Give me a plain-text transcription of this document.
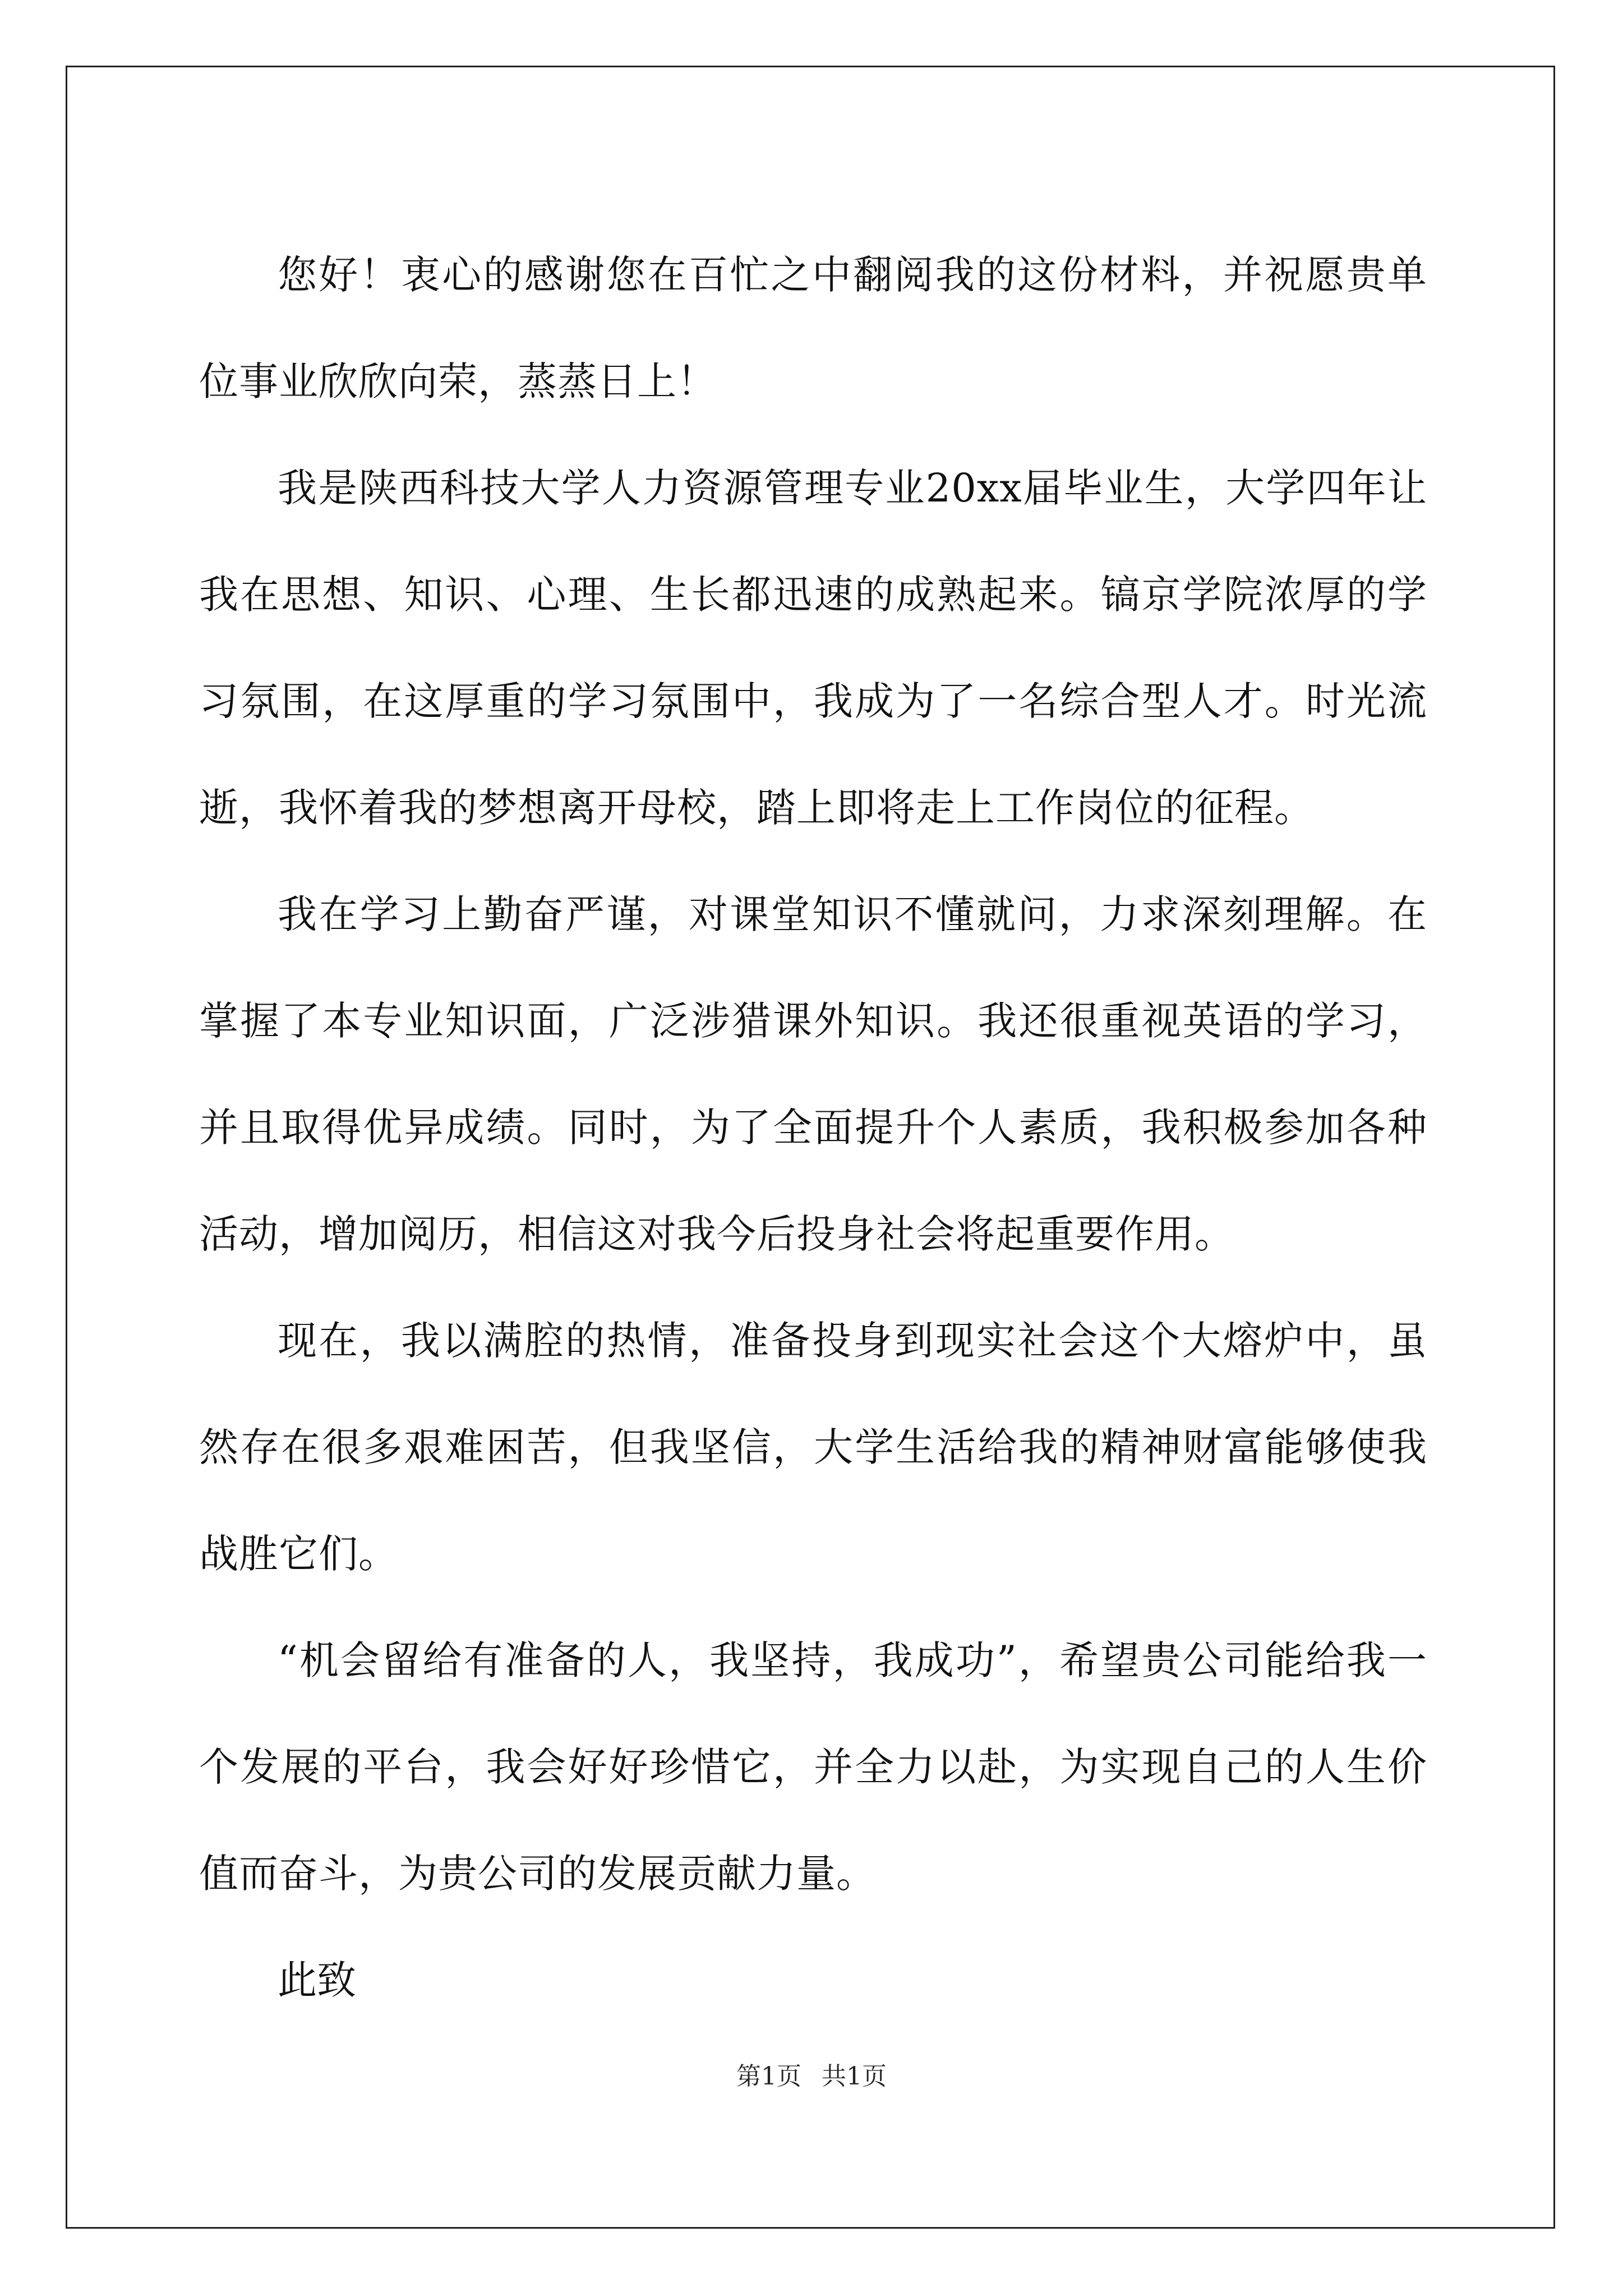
您好！衷心的感谢您在百忙之中翻阅我的这份材料，并祝愿贵单位事业欣欣向荣，蒸蒸日上！

我是陕西科技大学人力资源管理专业20xx届毕业生，大学四年让我在思想、知识、心理、生长都迅速的成熟起来。镐京学院浓厚的学习氛围，在这厚重的学习氛围中，我成为了一名综合型人才。时光流逝，我怀着我的梦想离开母校，踏上即将走上工作岗位的征程。

我在学习上勤奋严谨，对课堂知识不懂就问，力求深刻理解。在掌握了本专业知识面，广泛涉猎课外知识。我还很重视英语的学习，并且取得优异成绩。同时，为了全面提升个人素质，我积极参加各种活动，增加阅历，相信这对我今后投身社会将起重要作用。

现在，我以满腔的热情，准备投身到现实社会这个大熔炉中，虽然存在很多艰难困苦，但我坚信，大学生活给我的精神财富能够使我战胜它们。

“机会留给有准备的人，我坚持，我成功”，希望贵公司能给我一个发展的平台，我会好好珍惜它，并全力以赴，为实现自己的人生价值而奋斗，为贵公司的发展贡献力量。

此致

第1页 共1页
